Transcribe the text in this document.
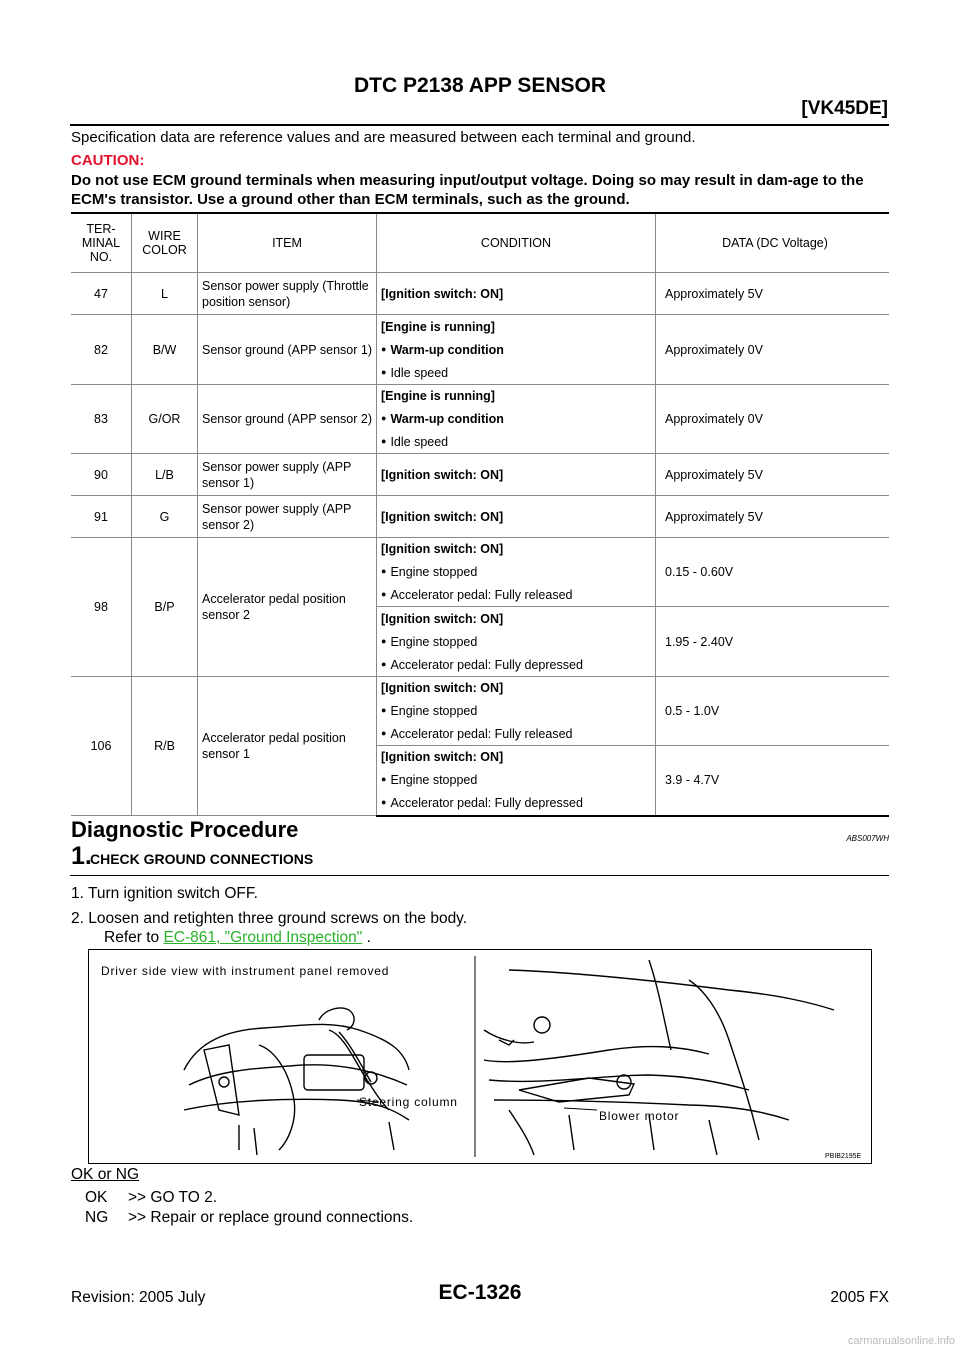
DTC P2138 APP SENSOR
[VK45DE]
Specification data are reference values and are measured between each terminal and ground.
CAUTION:
Do not use ECM ground terminals when measuring input/output voltage. Doing so may result in dam-age to the ECM's transistor. Use a ground other than ECM terminals, such as the ground.
TER-MINAL NO.	WIRE COLOR	ITEM	CONDITION	DATA (DC Voltage)
47	L	Sensor power supply (Throttle position sensor)	[Ignition switch: ON]	Approximately 5V
82	B/W	Sensor ground (APP sensor 1)	[Engine is running]
● Warm-up condition
● Idle speed	Approximately 0V
83	G/OR	Sensor ground (APP sensor 2)	[Engine is running]
● Warm-up condition
● Idle speed	Approximately 0V
90	L/B	Sensor power supply (APP sensor 1)	[Ignition switch: ON]	Approximately 5V
91	G	Sensor power supply (APP sensor 2)	[Ignition switch: ON]	Approximately 5V
98	B/P	Accelerator pedal position sensor 2	[Ignition switch: ON]
● Engine stopped
● Accelerator pedal: Fully released	0.15 - 0.60V

			[Ignition switch: ON]
● Engine stopped
● Accelerator pedal: Fully depressed	1.95 - 2.40V
106	R/B	Accelerator pedal position sensor 1	[Ignition switch: ON]
● Engine stopped
● Accelerator pedal: Fully released	0.5 - 1.0V

			[Ignition switch: ON]
● Engine stopped
● Accelerator pedal: Fully depressed	3.9 - 4.7V
Diagnostic Procedure	ABS007WH
1.
CHECK GROUND CONNECTIONS
1. Turn ignition switch OFF.
2. Loosen and retighten three ground screws on the body.
Refer to EC-861, "Ground Inspection" .
Driver side view with instrument panel removed
Steering column
Blower motor
PBIB2195E
OK or NG
OK >> GO TO 2.
NG >> Repair or replace ground connections.
EC-1326
Revision: 2005 July	2005 FX
carmanualsonline.info
